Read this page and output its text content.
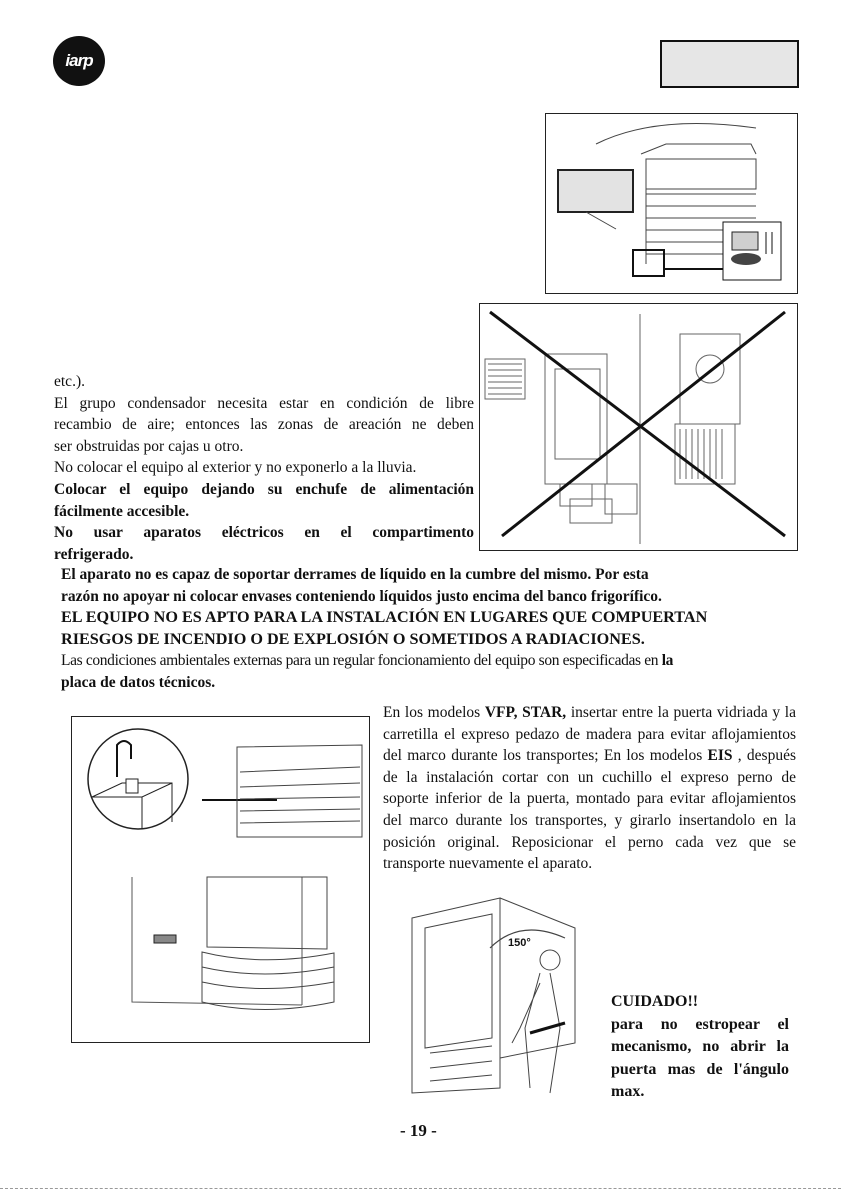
iarp

etc.).

El grupo condensador necesita estar en condición de libre

recambio de aire; entonces las zonas de areación ne deben

ser obstruidas por cajas u otro.

No colocar el equipo al exterior y no exponerlo a la lluvia.

Colocar el equipo dejando su enchufe de alimentación

fácilmente accesible.

No usar aparatos eléctricos en el compartimento

refrigerado.

El aparato no es capaz de soportar derrames de líquido en la cumbre del mismo. Por esta

razón no apoyar ni colocar envases conteniendo líquidos justo encima del banco frigorífico.

EL EQUIPO NO ES APTO PARA LA INSTALACIÓN EN LUGARES QUE COMPUERTAN

RIESGOS DE INCENDIO O DE EXPLOSIÓN O SOMETIDOS A RADIACIONES.

Las condiciones ambientales externas para un regular foncionamiento del equipo son especificadas en la

placa de datos técnicos.

En los modelos VFP, STAR, insertar entre la puerta vidriada y la carretilla el expreso pedazo de madera para evitar aflojamientos del marco durante los transportes; En los modelos EIS , después de la instalación cortar con un cuchillo el expreso perno de soporte inferior de la puerta, montado para evitar aflojamientos del marco durante los transportes, y girarlo insertandolo en la posición original. Reposicionar el perno cada vez que se transporte nuevamente el aparato.

150°
CUIDADO!!
para no estropear el mecanismo, no abrir la puerta mas de l'ángulo max.
- 19 -
